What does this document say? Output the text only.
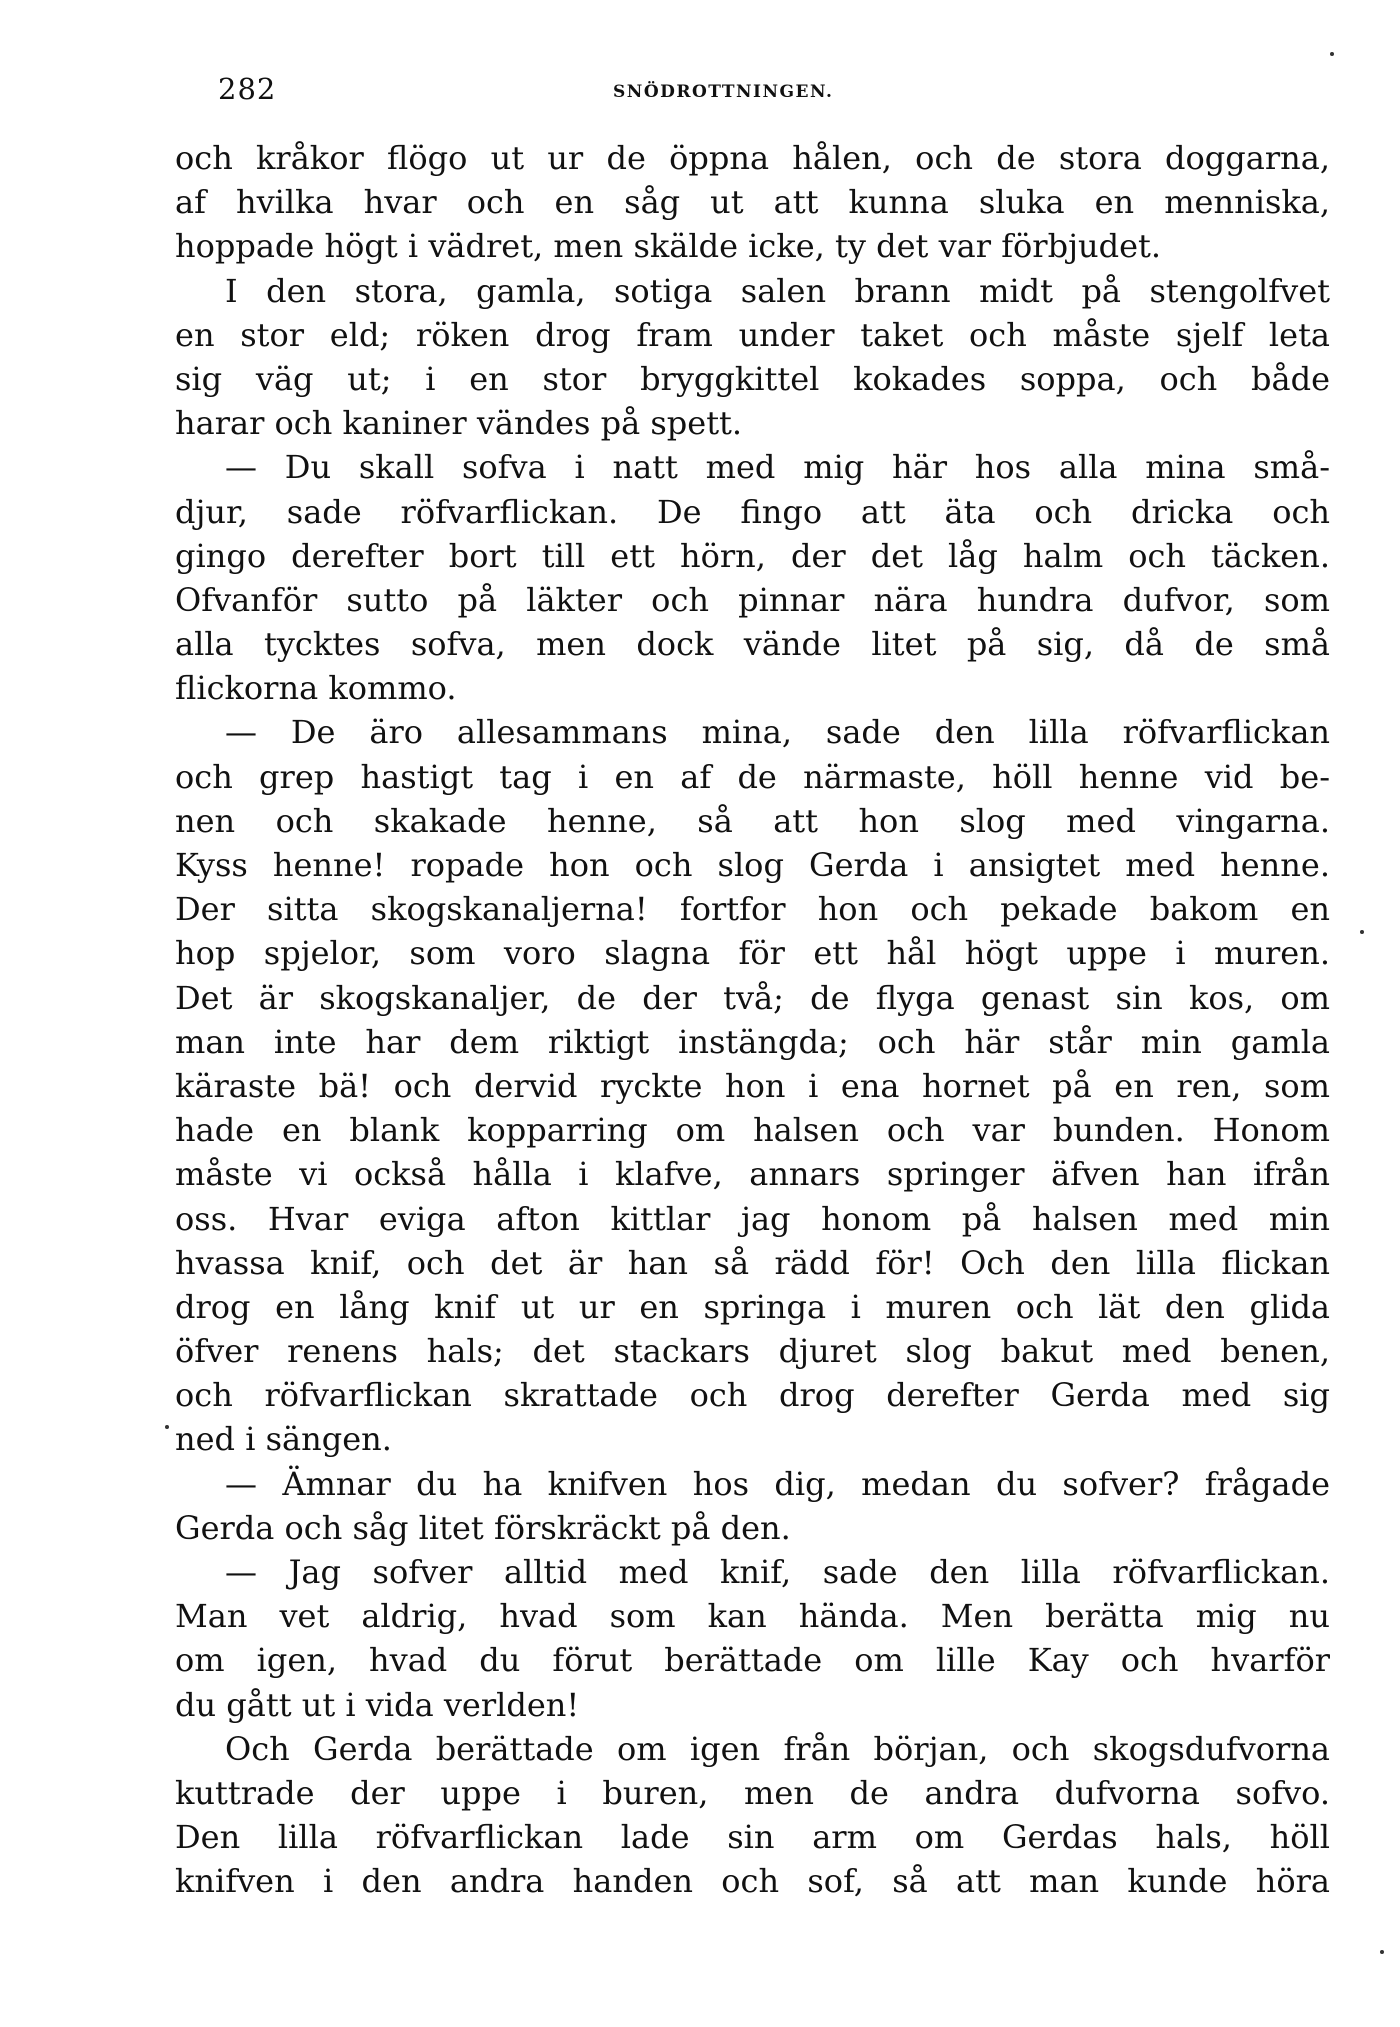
282	SNÖDROTTNINGEN.
och kråkor flögo ut ur de öppna hålen, och de stora doggarna,
af hvilka hvar och en såg ut att kunna sluka en menniska,
hoppade högt i vädret, men skälde icke, ty det var förbjudet.
I den stora, gamla, sotiga salen brann midt på stengolfvet
en stor eld; röken drog fram under taket och måste sjelf leta
sig väg ut; i en stor bryggkittel kokades soppa, och både
harar och kaniner vändes på spett.
— Du skall sofva i natt med mig här hos alla mina små-
djur, sade röfvarflickan. De fingo att äta och dricka och
gingo derefter bort till ett hörn, der det låg halm och täcken.
Ofvanför sutto på läkter och pinnar nära hundra dufvor, som
alla tycktes sofva, men dock vände litet på sig, då de små
flickorna kommo.
— De äro allesammans mina, sade den lilla röfvarflickan
och grep hastigt tag i en af de närmaste, höll henne vid be-
nen och skakade henne, så att hon slog med vingarna.
Kyss henne! ropade hon och slog Gerda i ansigtet med henne.
Der sitta skogskanaljerna! fortfor hon och pekade bakom en
hop spjelor, som voro slagna för ett hål högt uppe i muren.
Det är skogskanaljer, de der två; de flyga genast sin kos, om
man inte har dem riktigt instängda; och här står min gamla
käraste bä! och dervid ryckte hon i ena hornet på en ren, som
hade en blank kopparring om halsen och var bunden. Honom
måste vi också hålla i klafve, annars springer äfven han ifrån
oss. Hvar eviga afton kittlar jag honom på halsen med min
hvassa knif, och det är han så rädd för! Och den lilla flickan
drog en lång knif ut ur en springa i muren och lät den glida
öfver renens hals; det stackars djuret slog bakut med benen,
och röfvarflickan skrattade och drog derefter Gerda med sig
ned i sängen.
— Ämnar du ha knifven hos dig, medan du sofver? frågade
Gerda och såg litet förskräckt på den.
— Jag sofver alltid med knif, sade den lilla röfvarflickan.
Man vet aldrig, hvad som kan hända. Men berätta mig nu
om igen, hvad du förut berättade om lille Kay och hvarför
du gått ut i vida verlden!
Och Gerda berättade om igen från början, och skogsdufvorna
kuttrade der uppe i buren, men de andra dufvorna sofvo.
Den lilla röfvarflickan lade sin arm om Gerdas hals, höll
knifven i den andra handen och sof, så att man kunde höra
